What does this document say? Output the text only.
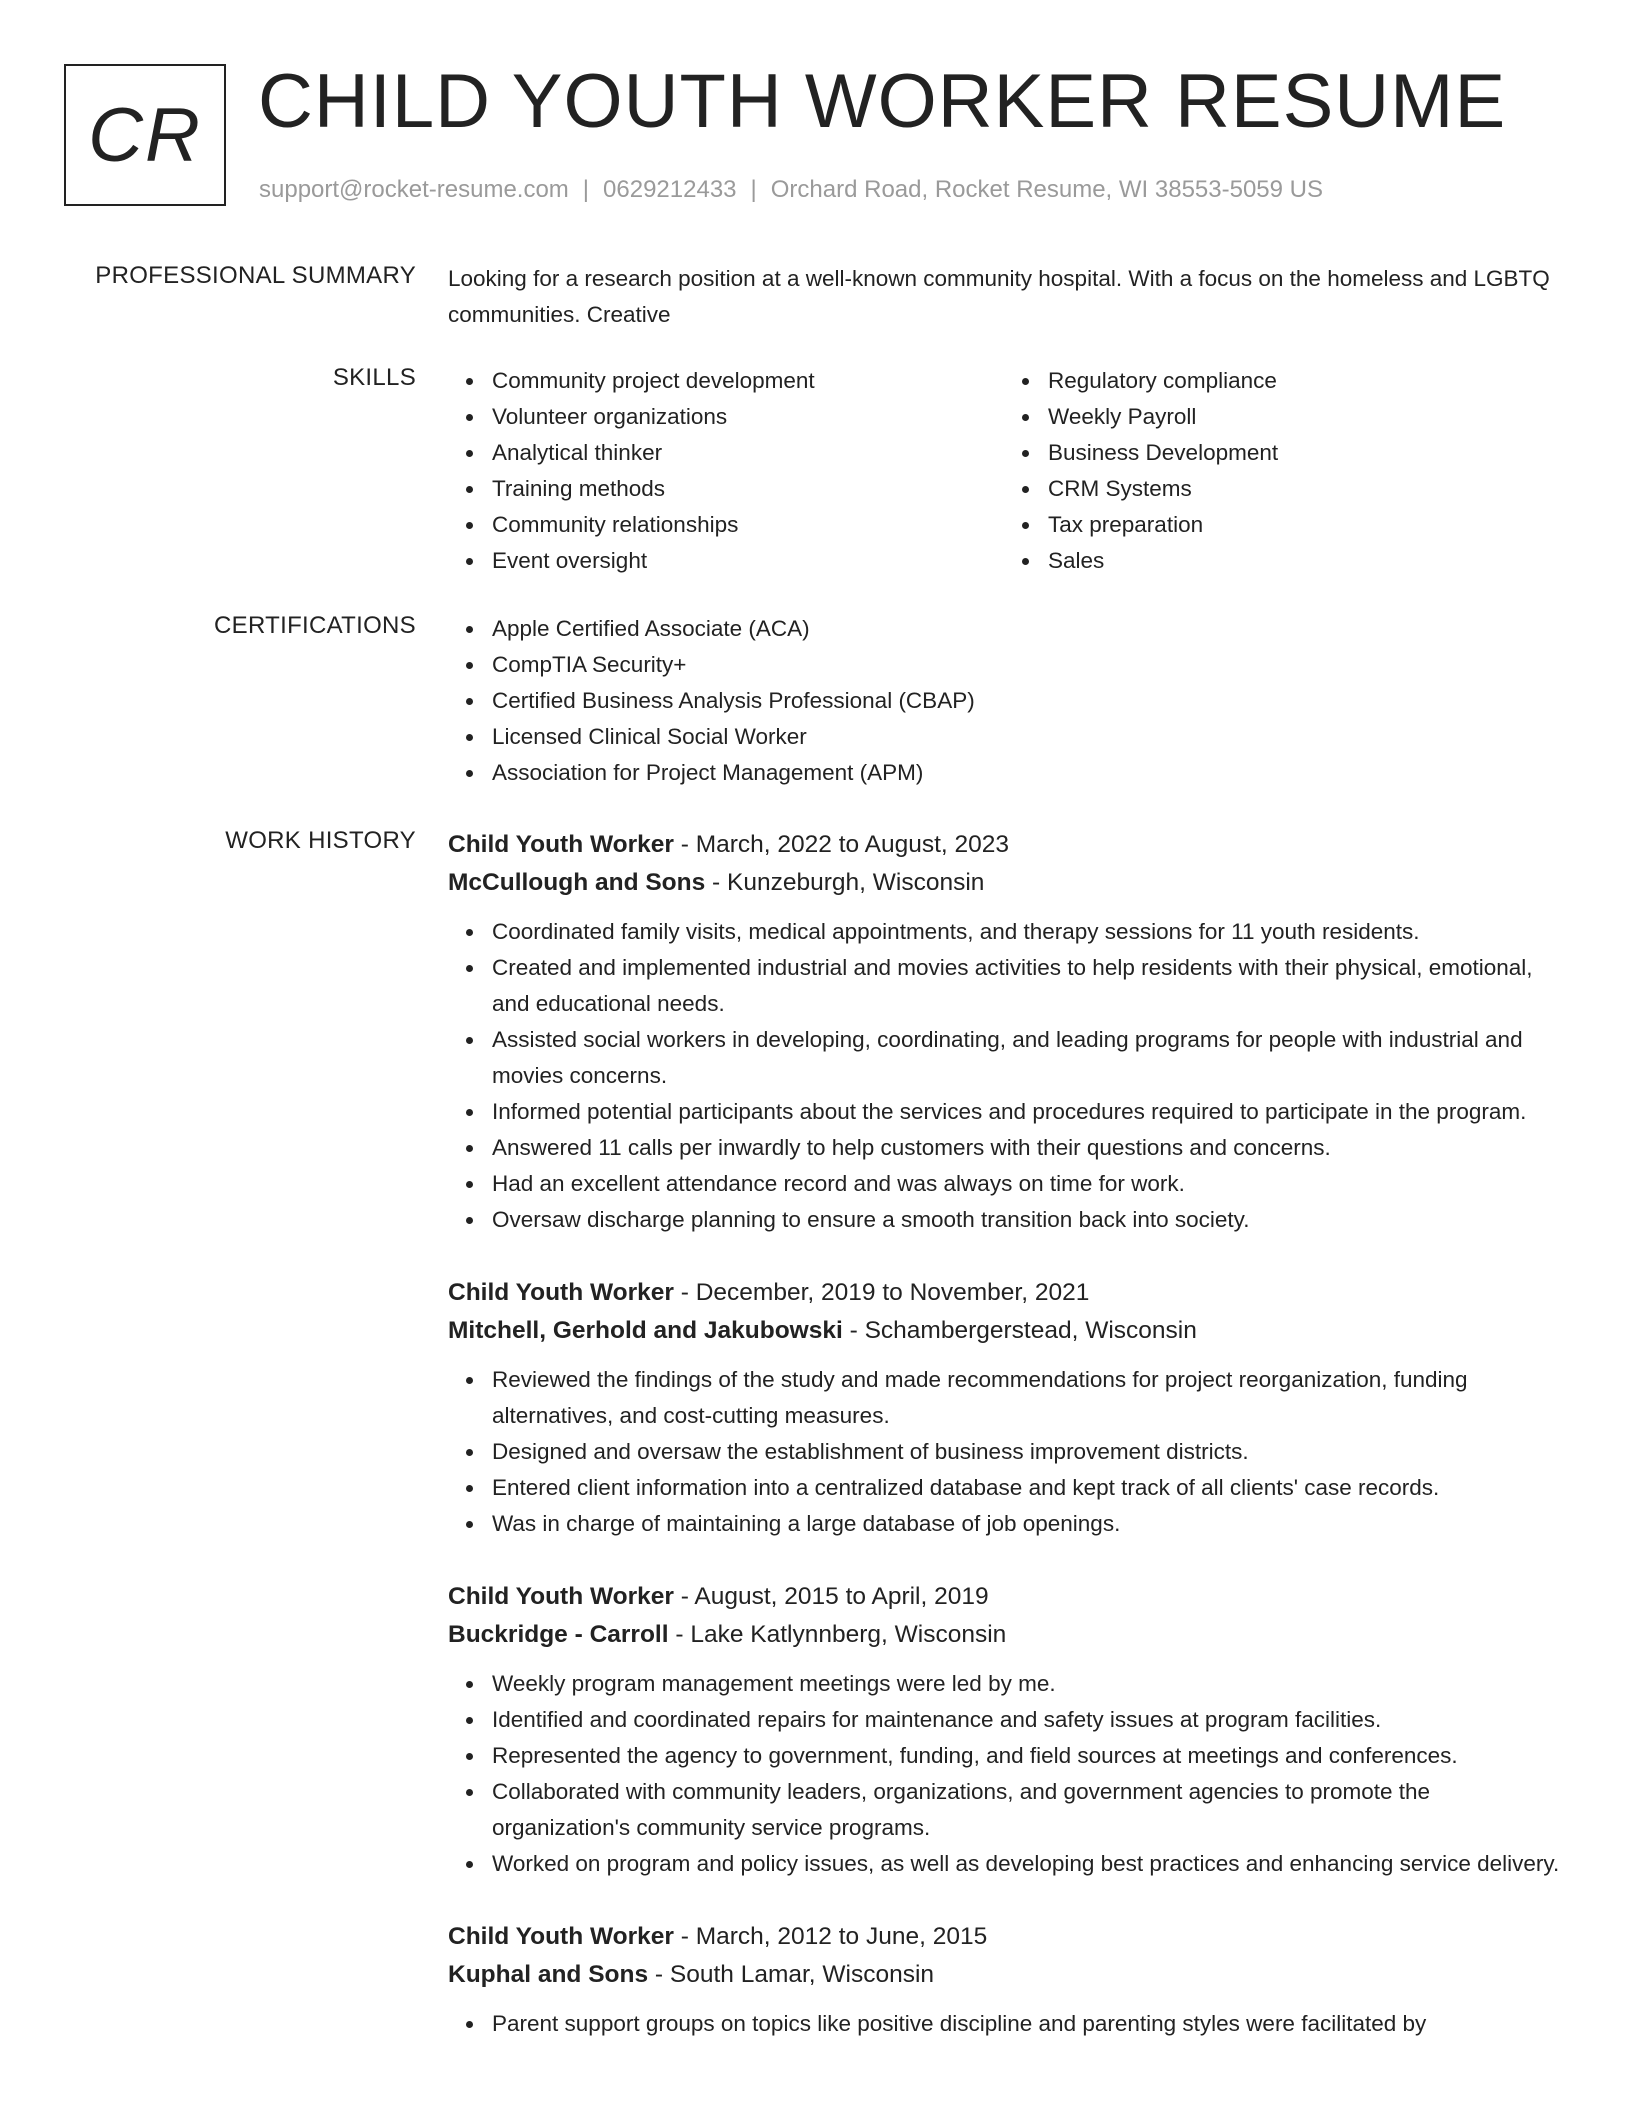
CR CHILD YOUTH WORKER RESUME
support@rocket-resume.com | 0629212433 | Orchard Road, Rocket Resume, WI 38553-5059 US
PROFESSIONAL SUMMARY Looking for a research position at a well-known community hospital. With a focus on the homeless and LGBTQ communities. Creative

SKILLS	Community project development
Volunteer organizations
Analytical thinker
Training methods
Community relationships
Event oversight
Regulatory compliance
Weekly Payroll
Business Development
CRM Systems
Tax preparation
Sales
CERTIFICATIONS	Apple Certified Associate (ACA)
CompTIA Security+
Certified Business Analysis Professional (CBAP)
Licensed Clinical Social Worker
Association for Project Management (APM)
WORK HISTORY Child Youth Worker - March, 2022 to August, 2023
McCullough and Sons - Kunzeburgh, Wisconsin
Coordinated family visits, medical appointments, and therapy sessions for 11 youth residents.
Created and implemented industrial and movies activities to help residents with their physical, emotional, and educational needs.
Assisted social workers in developing, coordinating, and leading programs for people with industrial and movies concerns.
Informed potential participants about the services and procedures required to participate in the program.
Answered 11 calls per inwardly to help customers with their questions and concerns.
Had an excellent attendance record and was always on time for work.
Oversaw discharge planning to ensure a smooth transition back into society.
Child Youth Worker - December, 2019 to November, 2021
Mitchell, Gerhold and Jakubowski - Schambergerstead, Wisconsin
Reviewed the findings of the study and made recommendations for project reorganization, funding alternatives, and cost-cutting measures.
Designed and oversaw the establishment of business improvement districts.
Entered client information into a centralized database and kept track of all clients' case records.
Was in charge of maintaining a large database of job openings.
Child Youth Worker - August, 2015 to April, 2019
Buckridge - Carroll - Lake Katlynnberg, Wisconsin
Weekly program management meetings were led by me.
Identified and coordinated repairs for maintenance and safety issues at program facilities.
Represented the agency to government, funding, and field sources at meetings and conferences.
Collaborated with community leaders, organizations, and government agencies to promote the organization's community service programs.
Worked on program and policy issues, as well as developing best practices and enhancing service delivery.
Child Youth Worker - March, 2012 to June, 2015
Kuphal and Sons - South Lamar, Wisconsin
Parent support groups on topics like positive discipline and parenting styles were facilitated by
